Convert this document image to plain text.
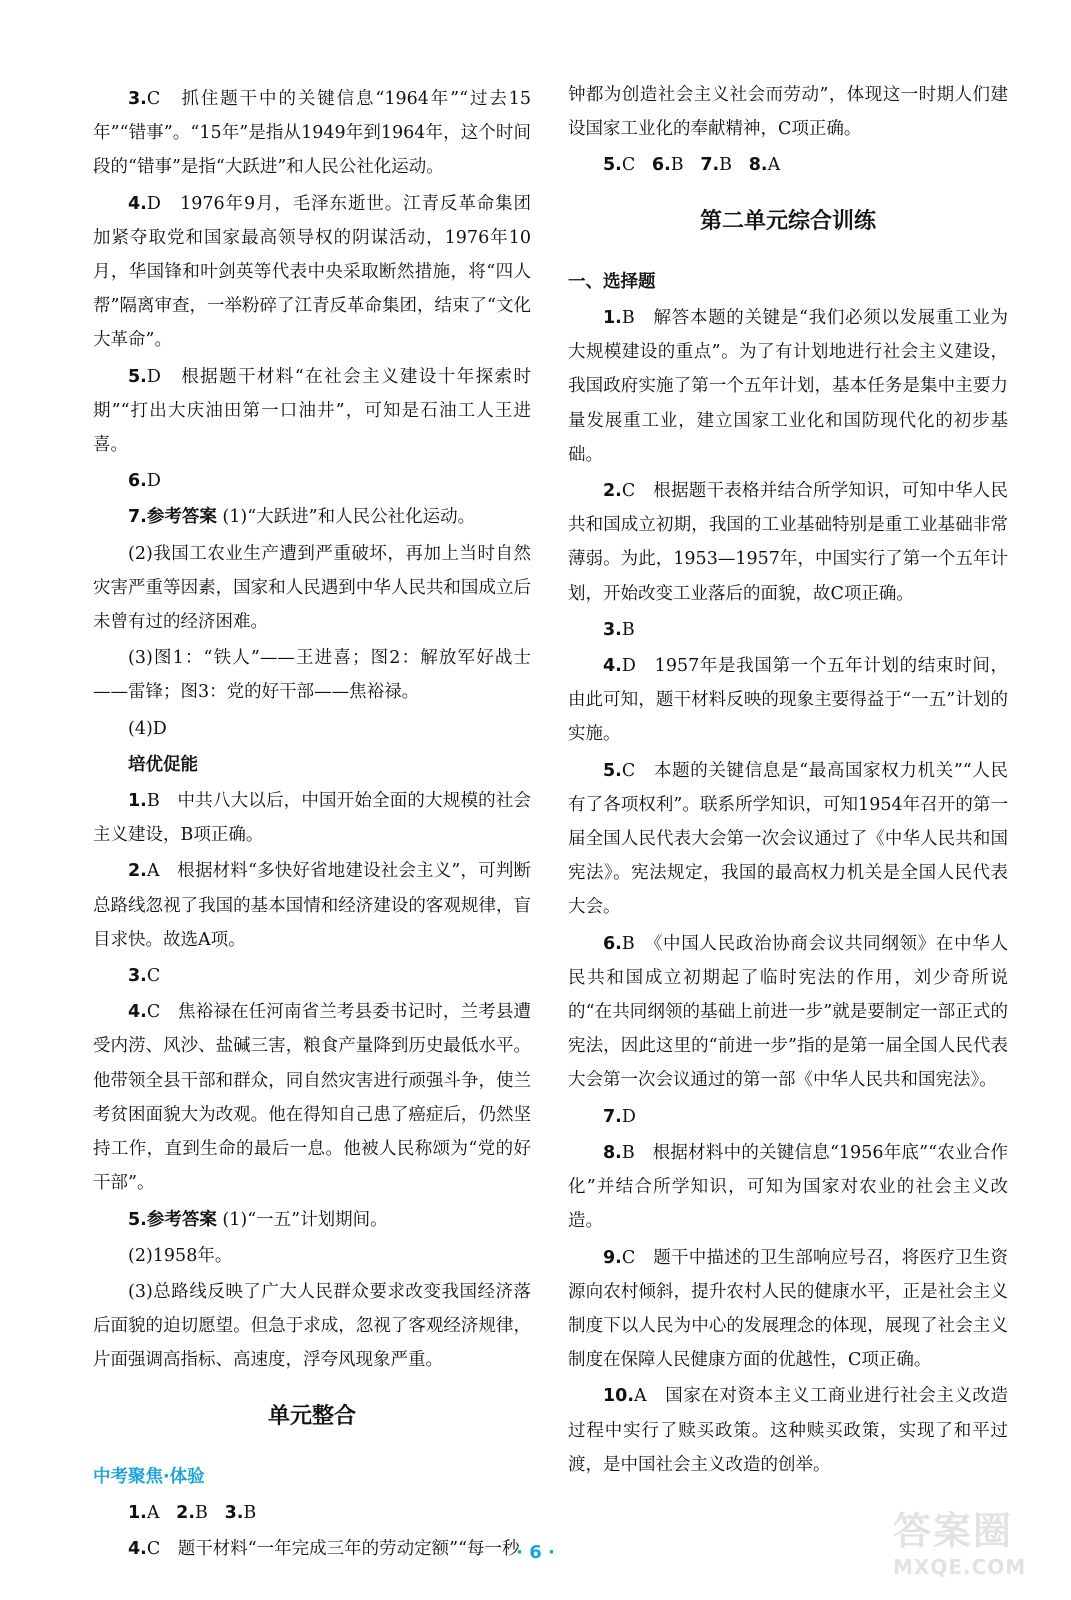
3.C　抓住题干中的关键信息“1964年”“过去15年”“错事”。“15年”是指从1949年到1964年，这个时间段的“错事”是指“大跃进”和人民公社化运动。

4.D　1976年9月，毛泽东逝世。江青反革命集团加紧夺取党和国家最高领导权的阴谋活动，1976年10月，华国锋和叶剑英等代表中央采取断然措施，将“四人帮”隔离审查，一举粉碎了江青反革命集团，结束了“文化大革命”。

5.D　根据题干材料“在社会主义建设十年探索时期”“打出大庆油田第一口油井”，可知是石油工人王进喜。

6.D

7.参考答案 (1)“大跃进”和人民公社化运动。

(2)我国工农业生产遭到严重破坏，再加上当时自然灾害严重等因素，国家和人民遇到中华人民共和国成立后未曾有过的经济困难。

(3)图1：“铁人”——王进喜；图2：解放军好战士——雷锋；图3：党的好干部——焦裕禄。

(4)D

培优促能

1.B　中共八大以后，中国开始全面的大规模的社会主义建设，B项正确。

2.A　根据材料“多快好省地建设社会主义”，可判断总路线忽视了我国的基本国情和经济建设的客观规律，盲目求快。故选A项。

3.C

4.C　焦裕禄在任河南省兰考县委书记时，兰考县遭受内涝、风沙、盐碱三害，粮食产量降到历史最低水平。他带领全县干部和群众，同自然灾害进行顽强斗争，使兰考贫困面貌大为改观。他在得知自己患了癌症后，仍然坚持工作，直到生命的最后一息。他被人民称颂为“党的好干部”。

5.参考答案 (1)“一五”计划期间。

(2)1958年。

(3)总路线反映了广大人民群众要求改变我国经济落后面貌的迫切愿望。但急于求成，忽视了客观经济规律，片面强调高指标、高速度，浮夸风现象严重。

单元整合

中考聚焦·体验

1.A 2.B 3.B

4.C　题干材料“一年完成三年的劳动定额”“每一秒

钟都为创造社会主义社会而劳动”，体现这一时期人们建设国家工业化的奉献精神，C项正确。

5.C 6.B 7.B 8.A

第二单元综合训练

一、选择题

1.B　解答本题的关键是“我们必须以发展重工业为大规模建设的重点”。为了有计划地进行社会主义建设，我国政府实施了第一个五年计划，基本任务是集中主要力量发展重工业，建立国家工业化和国防现代化的初步基础。

2.C　根据题干表格并结合所学知识，可知中华人民共和国成立初期，我国的工业基础特别是重工业基础非常薄弱。为此，1953—1957年，中国实行了第一个五年计划，开始改变工业落后的面貌，故C项正确。

3.B

4.D　1957年是我国第一个五年计划的结束时间，由此可知，题干材料反映的现象主要得益于“一五”计划的实施。

5.C　本题的关键信息是“最高国家权力机关”“人民有了各项权利”。联系所学知识，可知1954年召开的第一届全国人民代表大会第一次会议通过了《中华人民共和国宪法》。宪法规定，我国的最高权力机关是全国人民代表大会。

6.B　《中国人民政治协商会议共同纲领》在中华人民共和国成立初期起了临时宪法的作用，刘少奇所说的“在共同纲领的基础上前进一步”就是要制定一部正式的宪法，因此这里的“前进一步”指的是第一届全国人民代表大会第一次会议通过的第一部《中华人民共和国宪法》。

7.D

8.B　根据材料中的关键信息“1956年底”“农业合作化”并结合所学知识，可知为国家对农业的社会主义改造。

9.C　题干中描述的卫生部响应号召，将医疗卫生资源向农村倾斜，提升农村人民的健康水平，正是社会主义制度下以人民为中心的发展理念的体现，展现了社会主义制度在保障人民健康方面的优越性，C项正确。

10.A　国家在对资本主义工商业进行社会主义改造过程中实行了赎买政策。这种赎买政策，实现了和平过渡，是中国社会主义改造的创举。

· 6 ·	答案圈
MXQE.COM
